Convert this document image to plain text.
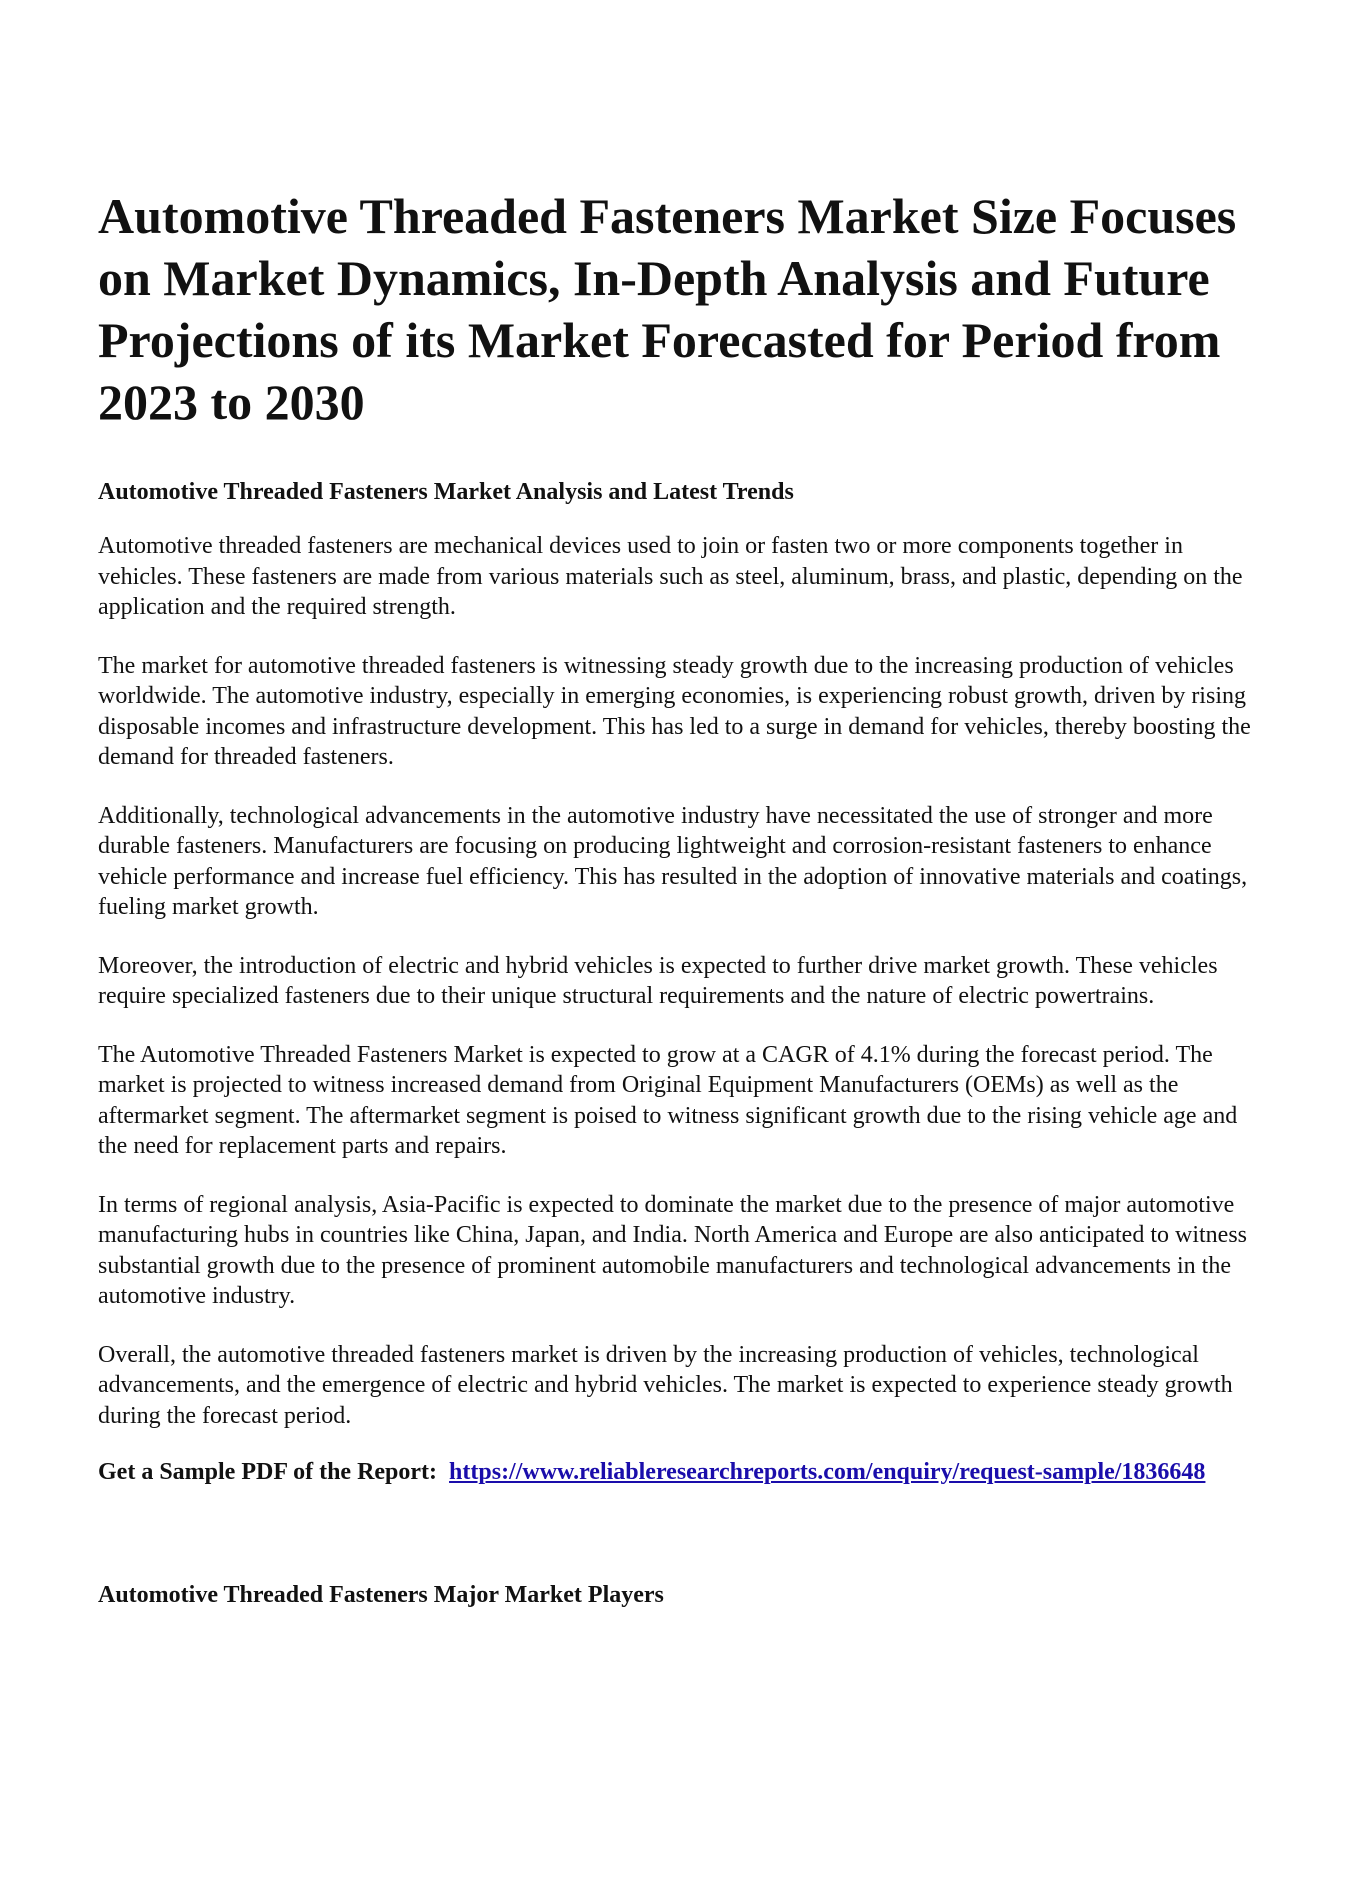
Automotive Threaded Fasteners Market Size Focuses on Market Dynamics, In-Depth Analysis and Future Projections of its Market Forecasted for Period from 2023 to 2030
Automotive Threaded Fasteners Market Analysis and Latest Trends

Automotive threaded fasteners are mechanical devices used to join or fasten two or more components together in vehicles. These fasteners are made from various materials such as steel, aluminum, brass, and plastic, depending on the application and the required strength.

The market for automotive threaded fasteners is witnessing steady growth due to the increasing production of vehicles worldwide. The automotive industry, especially in emerging economies, is experiencing robust growth, driven by rising disposable incomes and infrastructure development. This has led to a surge in demand for vehicles, thereby boosting the demand for threaded fasteners.

Additionally, technological advancements in the automotive industry have necessitated the use of stronger and more durable fasteners. Manufacturers are focusing on producing lightweight and corrosion-resistant fasteners to enhance vehicle performance and increase fuel efficiency. This has resulted in the adoption of innovative materials and coatings, fueling market growth.

Moreover, the introduction of electric and hybrid vehicles is expected to further drive market growth. These vehicles require specialized fasteners due to their unique structural requirements and the nature of electric powertrains.

The Automotive Threaded Fasteners Market is expected to grow at a CAGR of 4.1% during the forecast period. The market is projected to witness increased demand from Original Equipment Manufacturers (OEMs) as well as the aftermarket segment. The aftermarket segment is poised to witness significant growth due to the rising vehicle age and the need for replacement parts and repairs.

In terms of regional analysis, Asia-Pacific is expected to dominate the market due to the presence of major automotive manufacturing hubs in countries like China, Japan, and India. North America and Europe are also anticipated to witness substantial growth due to the presence of prominent automobile manufacturers and technological advancements in the automotive industry.

Overall, the automotive threaded fasteners market is driven by the increasing production of vehicles, technological advancements, and the emergence of electric and hybrid vehicles. The market is expected to experience steady growth during the forecast period.

Get a Sample PDF of the Report: https://www.reliableresearchreports.com/enquiry/request-sample/1836648

Automotive Threaded Fasteners Major Market Players
